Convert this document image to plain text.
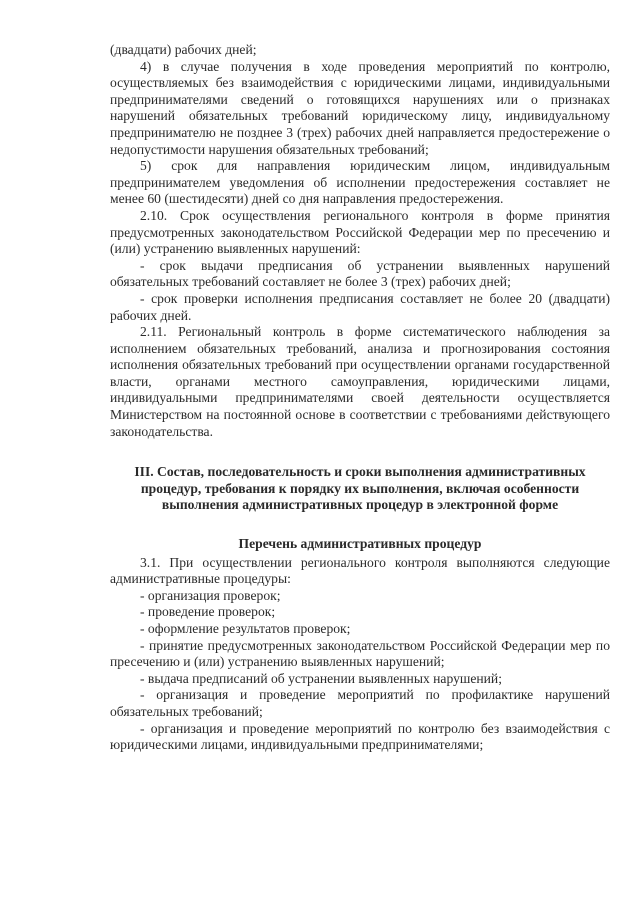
(двадцати) рабочих дней;

4) в случае получения в ходе проведения мероприятий по контролю, осуществляемых без взаимодействия с юридическими лицами, индивидуальными предпринимателями сведений о готовящихся нарушениях или о признаках нарушений обязательных требований юридическому лицу, индивидуальному предпринимателю не позднее 3 (трех) рабочих дней направляется предостережение о недопустимости нарушения обязательных требований;

5) срок для направления юридическим лицом, индивидуальным предпринимателем уведомления об исполнении предостережения составляет не менее 60 (шестидесяти) дней со дня направления предостережения.

2.10. Срок осуществления регионального контроля в форме принятия предусмотренных законодательством Российской Федерации мер по пресечению и (или) устранению выявленных нарушений:

- срок выдачи предписания об устранении выявленных нарушений обязательных требований составляет не более 3 (трех) рабочих дней;

- срок проверки исполнения предписания составляет не более 20 (двадцати) рабочих дней.

2.11. Региональный контроль в форме систематического наблюдения за исполнением обязательных требований, анализа и прогнозирования состояния исполнения обязательных требований при осуществлении органами государственной власти, органами местного самоуправления, юридическими лицами, индивидуальными предпринимателями своей деятельности осуществляется Министерством на постоянной основе в соответствии с требованиями действующего законодательства.

III. Состав, последовательность и сроки выполнения административных процедур, требования к порядку их выполнения, включая особенности выполнения административных процедур в электронной форме

Перечень административных процедур

3.1. При осуществлении регионального контроля выполняются следующие административные процедуры:

- организация проверок;

- проведение проверок;

- оформление результатов проверок;

- принятие предусмотренных законодательством Российской Федерации мер по пресечению и (или) устранению выявленных нарушений;

- выдача предписаний об устранении выявленных нарушений;

- организация и проведение мероприятий по профилактике нарушений обязательных требований;

- организация и проведение мероприятий по контролю без взаимодействия с юридическими лицами, индивидуальными предпринимателями;
